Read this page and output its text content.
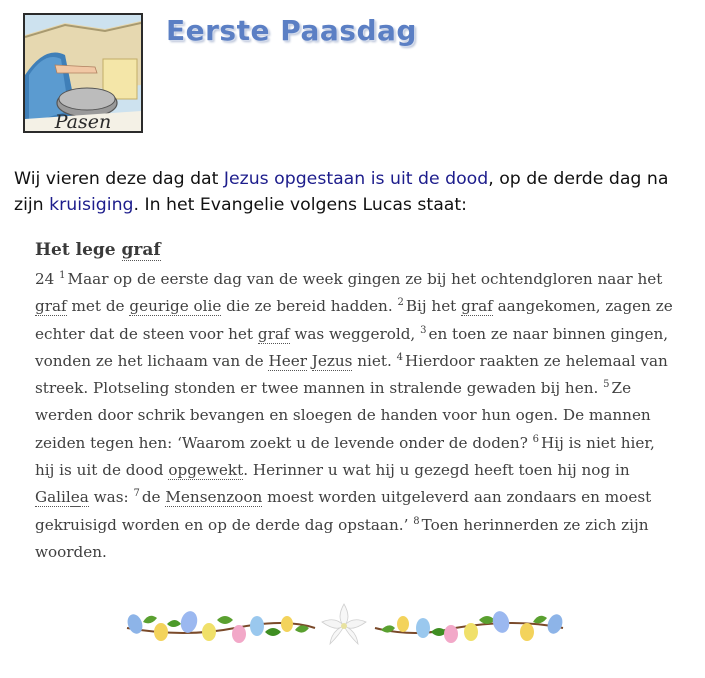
Pasen
Eerste Paasdag

Wij vieren deze dag dat Jezus opgestaan is uit de dood, op de derde dag na zijn kruisiging. In het Evangelie volgens Lucas staat:

Het lege graf

24 $^1$ Maar op de eerste dag van de week gingen ze bij het ochtendgloren naar het graf met de geurige olie die ze bereid hadden. $^2$ Bij het graf aangekomen, zagen ze echter dat de steen voor het graf was weggerold, $^3$ en toen ze naar binnen gingen, vonden ze het lichaam van de Heer Jezus niet. $^4$ Hierdoor raakten ze helemaal van streek. Plotseling stonden er twee mannen in stralende gewaden bij hen. $^5$ Ze werden door schrik bevangen en sloegen de handen voor hun ogen. De mannen zeiden tegen hen: ‘Waarom zoekt u de levende onder de doden? $^6$ Hij is niet hier, hij is uit de dood opgewekt. Herinner u wat hij u gezegd heeft toen hij nog in Galilea was: $^7$ de Mensenzoon moest worden uitgeleverd aan zondaars en moest gekruisigd worden en op de derde dag opstaan.’ $^8$ Toen herinnerden ze zich zijn woorden.
